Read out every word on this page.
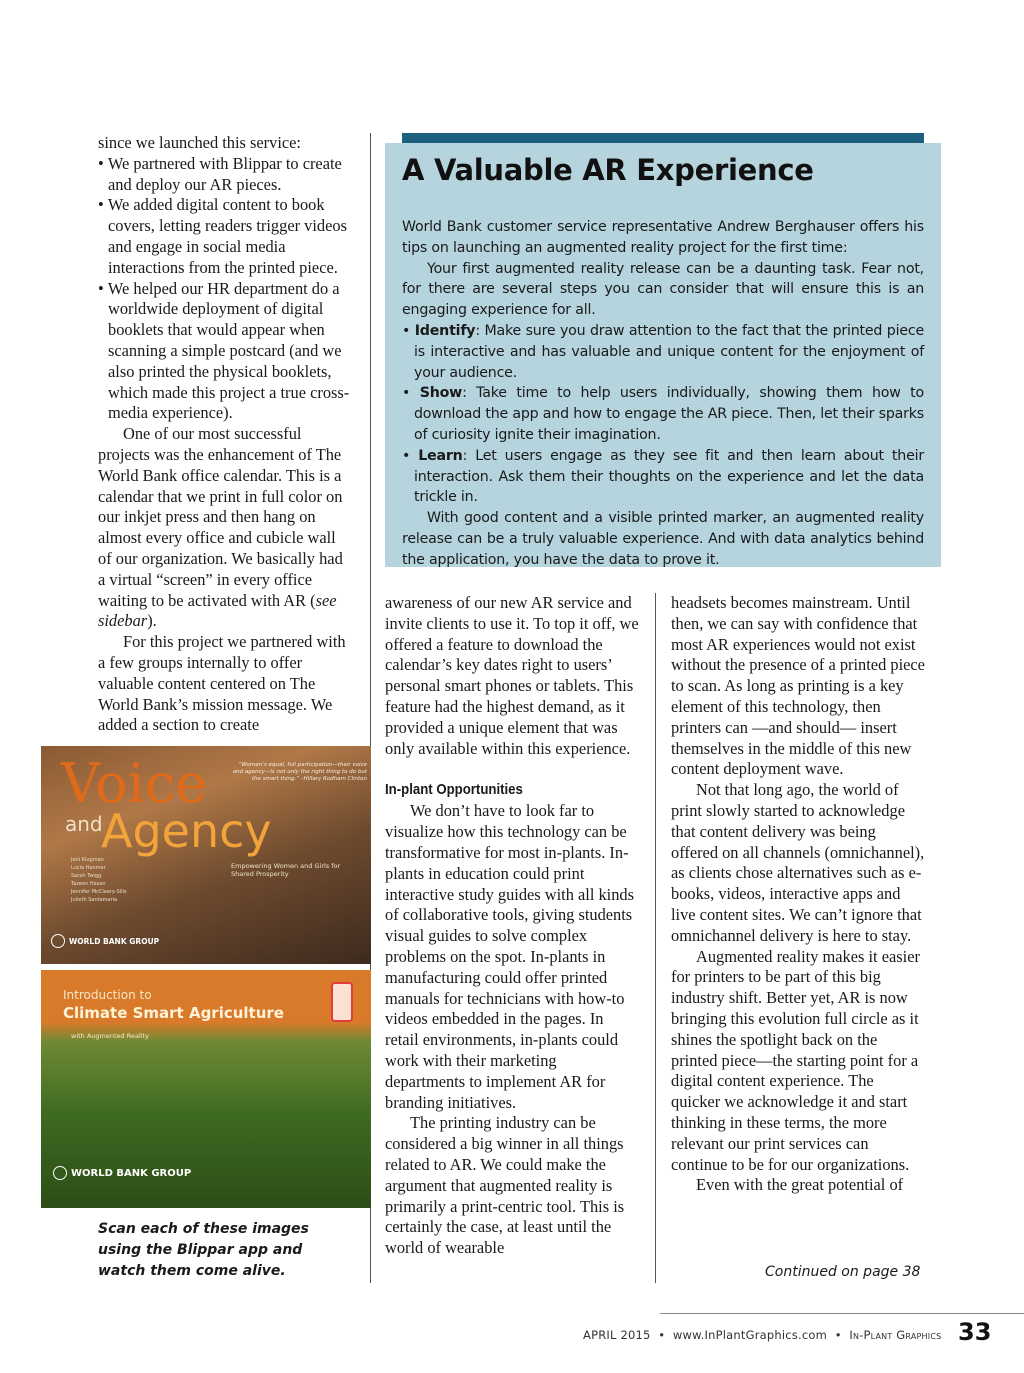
since we launched this service:

• We partnered with Blippar to create and deploy our AR pieces.
• We added digital content to book covers, letting readers trigger videos and engage in social media interactions from the printed piece.
• We helped our HR department do a worldwide deployment of digital booklets that would appear when scanning a simple postcard (and we also printed the physical booklets, which made this project a true cross-media experience).

One of our most successful projects was the enhancement of The World Bank office calendar. This is a calendar that we print in full color on our inkjet press and then hang on almost every office and cubicle wall of our organization. We basically had a virtual “screen” in every office waiting to be activated with AR (see sidebar).

For this project we partnered with a few groups internally to offer valuable content centered on The World Bank’s mission message. We added a section to create

A Valuable AR Experience

World Bank customer service representative Andrew Berghauser offers his tips on launching an augmented reality project for the first time:

Your first augmented reality release can be a daunting task. Fear not, for there are several steps you can consider that will ensure this is an engaging experience for all.

• Identify: Make sure you draw attention to the fact that the printed piece is interactive and has valuable and unique content for the enjoyment of your audience.
• Show: Take time to help users individually, showing them how to download the app and how to engage the AR piece. Then, let their sparks of curiosity ignite their imagination.
• Learn: Let users engage as they see fit and then learn about their interaction. Ask them their thoughts on the experience and let the data trickle in.

With good content and a visible printed marker, an augmented reality release can be a truly valuable experience. And with data analytics behind the application, you have the data to prove it.

awareness of our new AR service and invite clients to use it. To top it off, we offered a feature to download the calendar’s key dates right to users’ personal smart phones or tablets. This feature had the highest demand, as it provided a unique element that was only available within this experience.

In-plant Opportunities

We don’t have to look far to visualize how this technology can be transformative for most in-plants. In-plants in education could print interactive study guides with all kinds of collaborative tools, giving students visual guides to solve complex problems on the spot. In-plants in manufacturing could offer printed manuals for technicians with how-to videos embedded in the pages. In retail environments, in-plants could work with their marketing departments to implement AR for branding initiatives.

The printing industry can be considered a big winner in all things related to AR. We could make the argument that augmented reality is primarily a print-centric tool. This is certainly the case, at least until the world of wearable

headsets becomes mainstream. Until then, we can say with confidence that most AR experiences would not exist without the presence of a printed piece to scan. As long as printing is a key element of this technology, then printers can —and should— insert themselves in the middle of this new content deployment wave.

Not that long ago, the world of print slowly started to acknowledge that content delivery was being offered on all channels (omnichannel), as clients chose alternatives such as e-books, videos, interactive apps and live content sites. We can’t ignore that omnichannel delivery is here to stay.

Augmented reality makes it easier for printers to be part of this big industry shift. Better yet, AR is now bringing this evolution full circle as it shines the spotlight back on the printed piece—the starting point for a digital content experience. The quicker we acknowledge it and start thinking in these terms, the more relevant our print services can continue to be for our organizations.

Even with the great potential of

Continued on page 38
Voice
and
Agency
“Women’s equal, full participation—their voice and agency—is not only the right thing to do but the smart thing.” –Hillary Rodham Clinton
Empowering Women and Girls for Shared Prosperity
Jeni Klugman
Lucia Hanmer
Sarah Twigg
Tazeen Hasan
Jennifer McCleary-Sills
Julieth Santamaria
WORLD BANK GROUP
Introduction to
Climate Smart Agriculture
with Augmented Reality
WORLD BANK GROUP

Scan each of these images using the Blippar app and watch them come alive.

APRIL 2015  •  www.InPlantGraphics.com  •  In-Plant Graphics 33
